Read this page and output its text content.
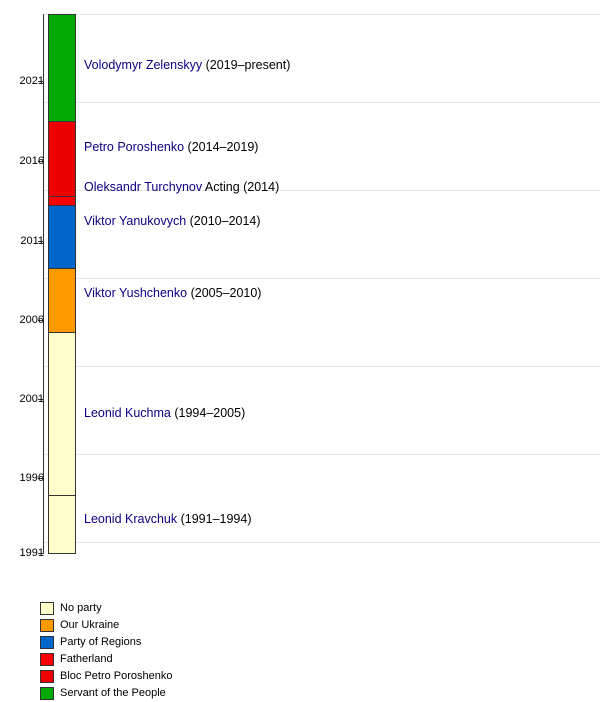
2021
2016
2011
2006
2001
1996
1991
Volodymyr Zelenskyy (2019–present)
Petro Poroshenko (2014–2019)
Oleksandr Turchynov Acting (2014)
Viktor Yanukovych (2010–2014)
Viktor Yushchenko (2005–2010)
Leonid Kuchma (1994–2005)
Leonid Kravchuk (1991–1994)
No party
Our Ukraine
Party of Regions
Fatherland
Bloc Petro Poroshenko
Servant of the People
